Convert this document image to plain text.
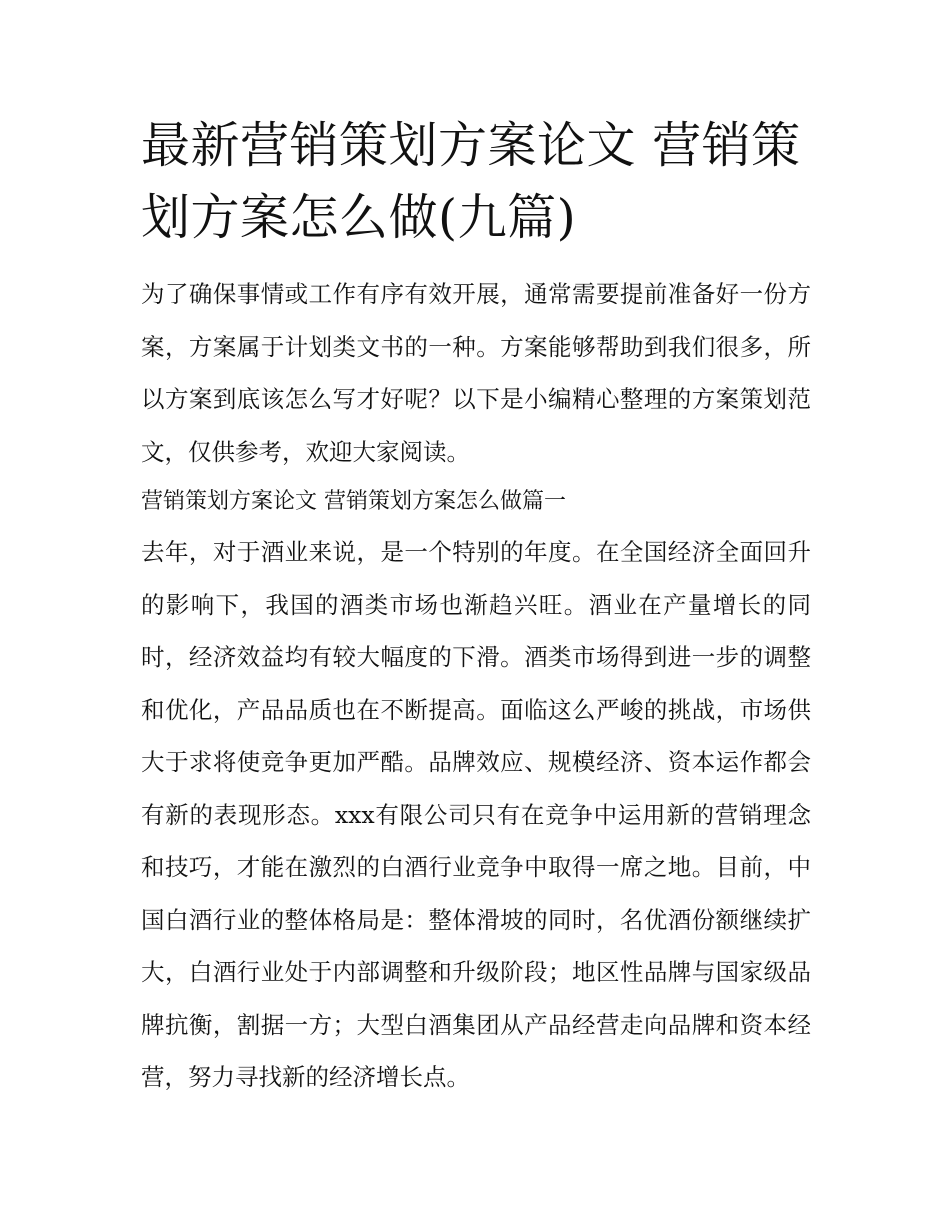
最新营销策划方案论文 营销策划方案怎么做(九篇)

为了确保事情或工作有序有效开展，通常需要提前准备好一份方案，方案属于计划类文书的一种。方案能够帮助到我们很多，所以方案到底该怎么写才好呢？以下是小编精心整理的方案策划范文，仅供参考，欢迎大家阅读。

营销策划方案论文 营销策划方案怎么做篇一

去年，对于酒业来说，是一个特别的年度。在全国经济全面回升的影响下，我国的酒类市场也渐趋兴旺。酒业在产量增长的同时，经济效益均有较大幅度的下滑。酒类市场得到进一步的调整和优化，产品品质也在不断提高。面临这么严峻的挑战，市场供大于求将使竞争更加严酷。品牌效应、规模经济、资本运作都会有新的表现形态。xxx有限公司只有在竞争中运用新的营销理念和技巧，才能在激烈的白酒行业竞争中取得一席之地。目前，中国白酒行业的整体格局是：整体滑坡的同时，名优酒份额继续扩大，白酒行业处于内部调整和升级阶段；地区性品牌与国家级品牌抗衡，割据一方；大型白酒集团从产品经营走向品牌和资本经营，努力寻找新的经济增长点。
